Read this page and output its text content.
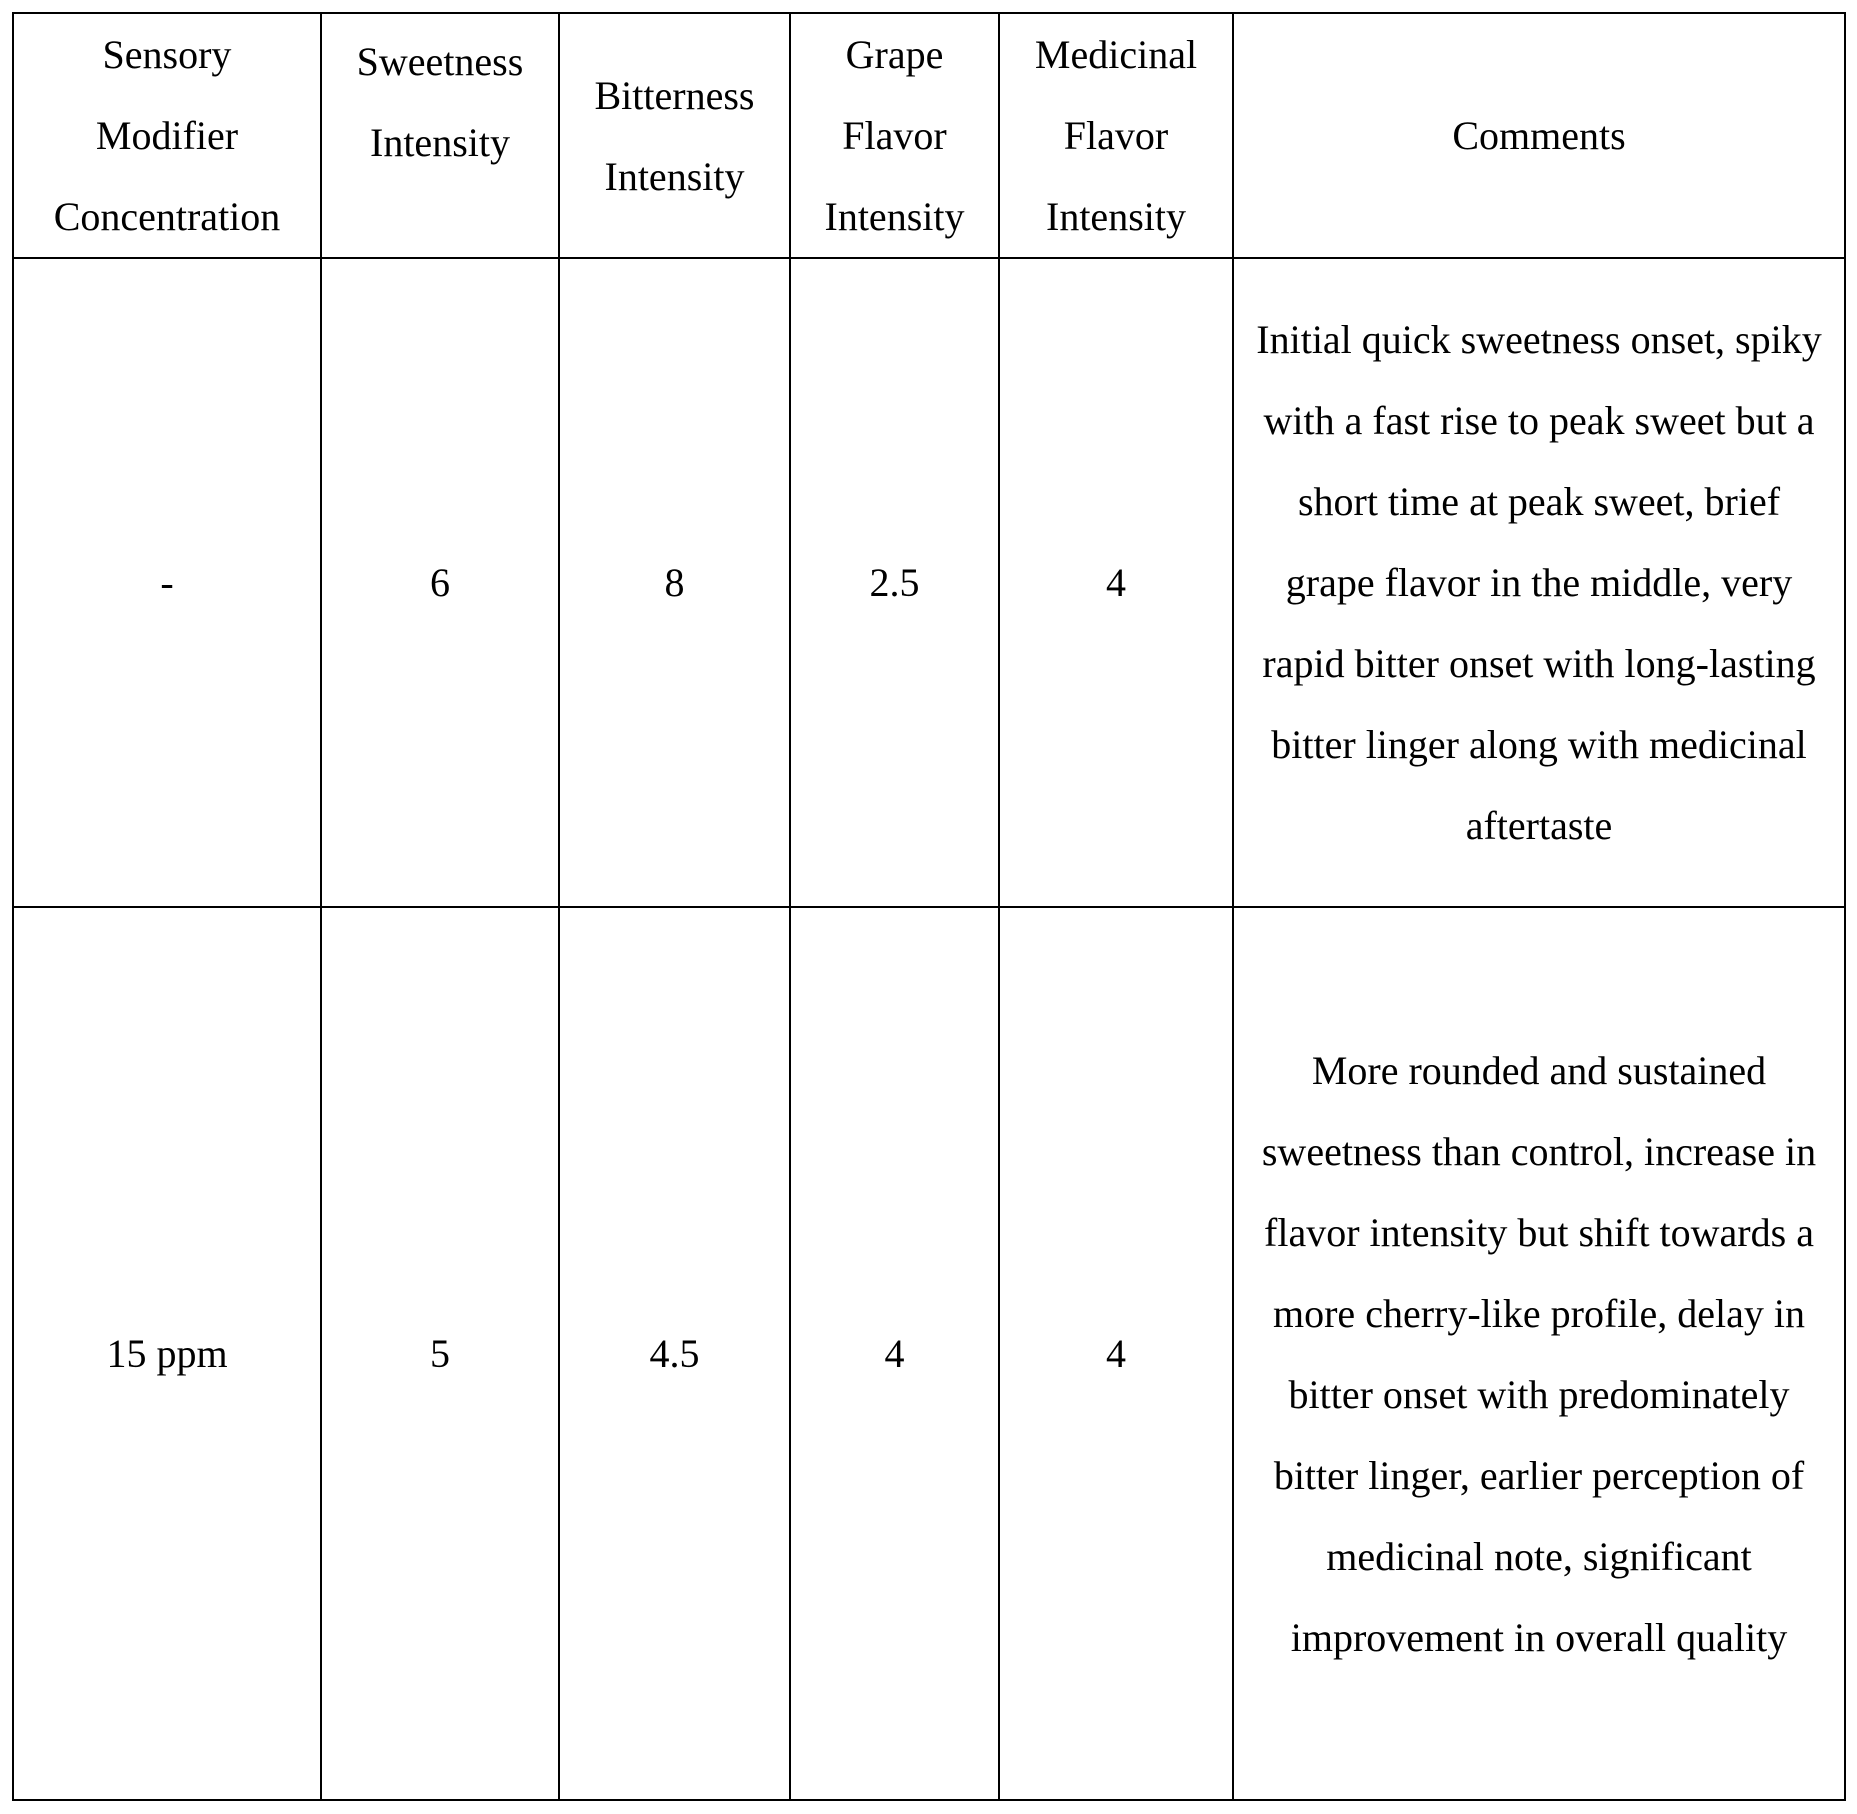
Sensory
Modifier
Concentration

Sweetness
Intensity

Bitterness
Intensity

Grape
Flavor
Intensity

Medicinal
Flavor
Intensity

Comments

-	6	8	2.5	4	Initial quick sweetness onset, spiky with a fast rise to peak sweet but a short time at peak sweet, brief grape flavor in the middle, very rapid bitter onset with long-lasting bitter linger along with medicinal aftertaste
15 ppm	5	4.5	4	4	More rounded and sustained sweetness than control, increase in flavor intensity but shift towards a more cherry-like profile, delay in bitter onset with predominately bitter linger, earlier perception of medicinal note, significant improvement in overall quality
